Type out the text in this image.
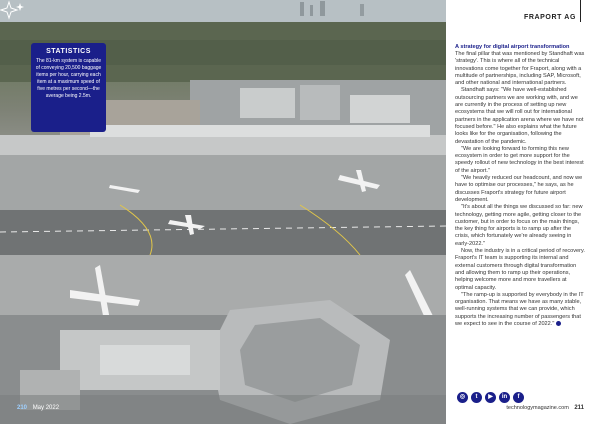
STATISTICS
The 81-km system is capable of conveying 20,500 baggage items per hour, carrying each item at a maximum speed of five metres per second—the average being 2.5m.
210 May 2022
FRAPORT AG

A strategy for digital airport transformation

The final pillar that was mentioned by Standhaft was 'strategy'. This is where all of the technical innovations come together for Fraport, along with a multitude of partnerships, including SAP, Microsoft, and other national and international partners.

Standhaft says: "We have well-established outsourcing partners we are working with, and we are currently in the process of setting up new ecosystems that we will roll out for international partners in the application arena where we have not focused before." He also explains what the future looks like for the organisation, following the devastation of the pandemic.

"We are looking forward to forming this new ecosystem in order to get more support for the speedy rollout of new technology in the best interest of the airport."

"We heavily reduced our headcount, and now we have to optimise our processes," he says, as he discusses Fraport's strategy for future airport development.

"It's about all the things we discussed so far: new technology, getting more agile, getting closer to the customer, but in order to focus on the main things, the key thing for airports is to ramp up after the crisis, which fortunately we're already seeing in early-2022."

Now, the industry is in a critical period of recovery. Fraport's IT team is supporting its internal and external customers through digital transformation and allowing them to ramp up their operations, helping welcome more and more travellers at optimal capacity.

"The ramp-up is supported by everybody in the IT organisation. That means we have as many stable, well-running systems that we can provide, which supports the increasing number of passengers that we expect to see in the course of 2022."

◎	t	▶	in	f
technologymagazine.com 211
